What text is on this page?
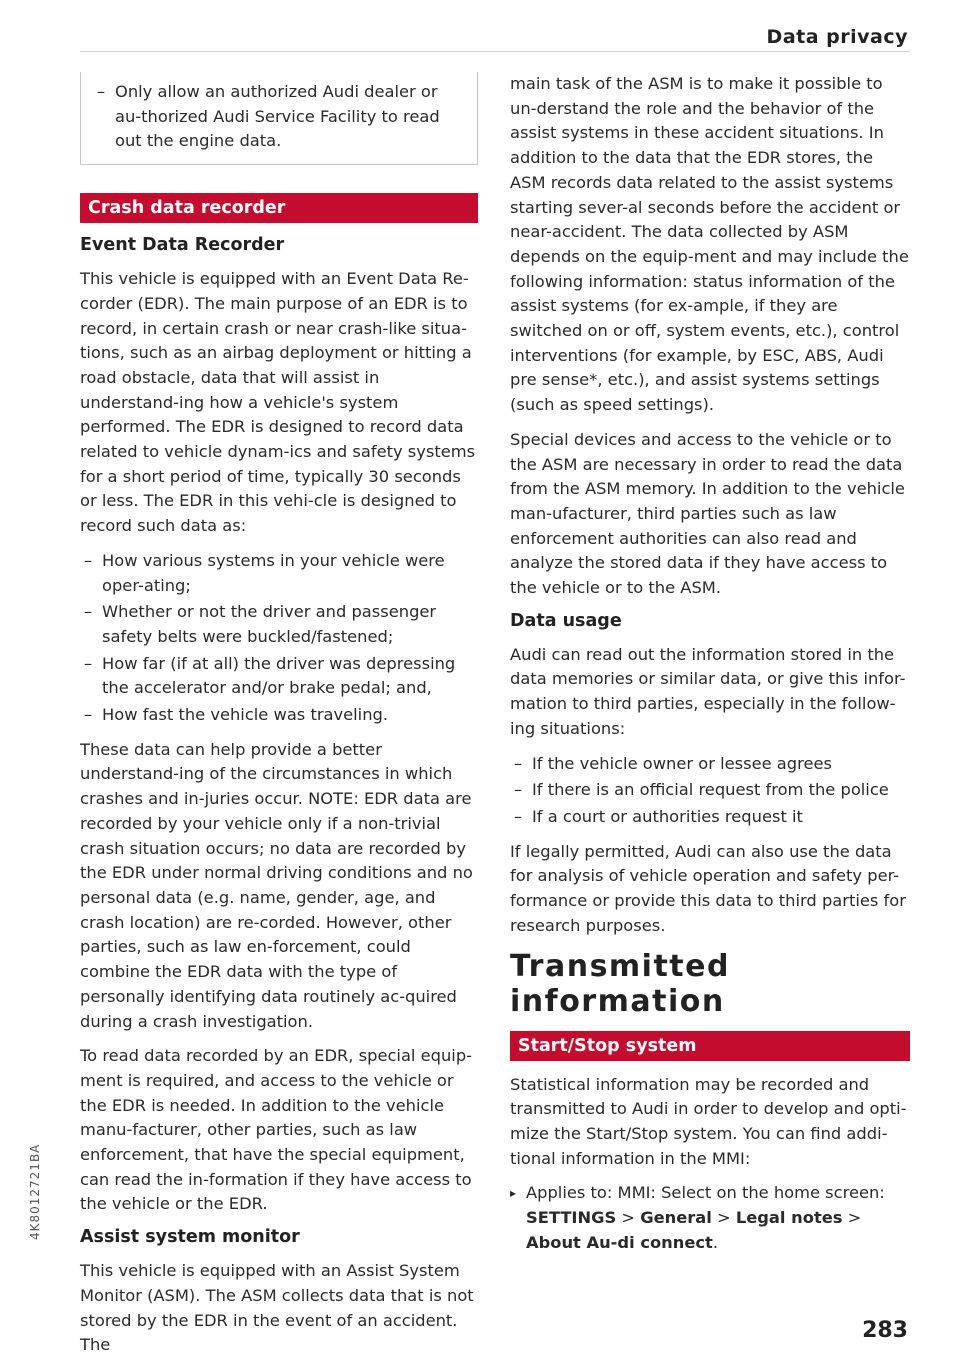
Data privacy
– Only allow an authorized Audi dealer or au-thorized Audi Service Facility to read out the engine data.
Crash data recorder
Event Data Recorder

This vehicle is equipped with an Event Data Re-corder (EDR). The main purpose of an EDR is to record, in certain crash or near crash-like situa-tions, such as an airbag deployment or hitting a road obstacle, data that will assist in understand-ing how a vehicle's system performed. The EDR is designed to record data related to vehicle dynam-ics and safety systems for a short period of time, typically 30 seconds or less. The EDR in this vehi-cle is designed to record such data as:

– How various systems in your vehicle were oper-ating;
– Whether or not the driver and passenger safety belts were buckled/fastened;
– How far (if at all) the driver was depressing the accelerator and/or brake pedal; and,
– How fast the vehicle was traveling.

These data can help provide a better understand-ing of the circumstances in which crashes and in-juries occur. NOTE: EDR data are recorded by your vehicle only if a non-trivial crash situation occurs; no data are recorded by the EDR under normal driving conditions and no personal data (e.g. name, gender, age, and crash location) are re-corded. However, other parties, such as law en-forcement, could combine the EDR data with the type of personally identifying data routinely ac-quired during a crash investigation.

To read data recorded by an EDR, special equip-ment is required, and access to the vehicle or the EDR is needed. In addition to the vehicle manu-facturer, other parties, such as law enforcement, that have the special equipment, can read the in-formation if they have access to the vehicle or the EDR.

Assist system monitor

This vehicle is equipped with an Assist System Monitor (ASM). The ASM collects data that is not stored by the EDR in the event of an accident. The

main task of the ASM is to make it possible to un-derstand the role and the behavior of the assist systems in these accident situations. In addition to the data that the EDR stores, the ASM records data related to the assist systems starting sever-al seconds before the accident or near-accident. The data collected by ASM depends on the equip-ment and may include the following information: status information of the assist systems (for ex-ample, if they are switched on or off, system events, etc.), control interventions (for example, by ESC, ABS, Audi pre sense*, etc.), and assist systems settings (such as speed settings).

Special devices and access to the vehicle or to the ASM are necessary in order to read the data from the ASM memory. In addition to the vehicle man-ufacturer, third parties such as law enforcement authorities can also read and analyze the stored data if they have access to the vehicle or to the ASM.

Data usage

Audi can read out the information stored in the data memories or similar data, or give this infor-mation to third parties, especially in the follow-ing situations:

– If the vehicle owner or lessee agrees
– If there is an official request from the police
– If a court or authorities request it

If legally permitted, Audi can also use the data for analysis of vehicle operation and safety per-formance or provide this data to third parties for research purposes.

Transmitted information
Start/Stop system

Statistical information may be recorded and transmitted to Audi in order to develop and opti-mize the Start/Stop system. You can find addi-tional information in the MMI:

▸ Applies to: MMI: Select on the home screen: SETTINGS > General > Legal notes > About Au-di connect.
4K8012721BA
283
